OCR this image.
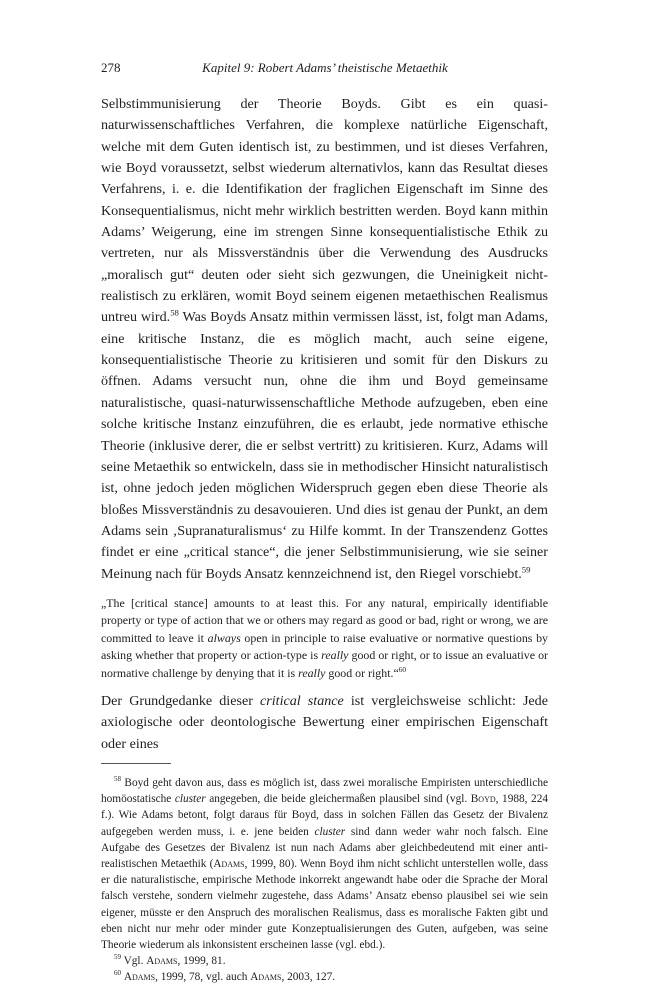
278	Kapitel 9: Robert Adams’ theistische Metaethik

Selbstimmunisierung der Theorie Boyds. Gibt es ein quasi-naturwissenschaftliches Verfahren, die komplexe natürliche Eigenschaft, welche mit dem Guten identisch ist, zu bestimmen, und ist dieses Verfahren, wie Boyd voraussetzt, selbst wiederum alternativlos, kann das Resultat dieses Verfahrens, i. e. die Identifikation der fraglichen Eigenschaft im Sinne des Konsequentialismus, nicht mehr wirklich bestritten werden. Boyd kann mithin Adams’ Weigerung, eine im strengen Sinne konsequentialistische Ethik zu vertreten, nur als Missverständnis über die Verwendung des Ausdrucks „moralisch gut“ deuten oder sieht sich gezwungen, die Uneinigkeit nicht-realistisch zu erklären, womit Boyd seinem eigenen metaethischen Realismus untreu wird.$^{58}$ Was Boyds Ansatz mithin vermissen lässt, ist, folgt man Adams, eine kritische Instanz, die es möglich macht, auch seine eigene, konsequentialistische Theorie zu kritisieren und somit für den Diskurs zu öffnen. Adams versucht nun, ohne die ihm und Boyd gemeinsame naturalistische, quasi-naturwissenschaftliche Methode aufzugeben, eben eine solche kritische Instanz einzuführen, die es erlaubt, jede normative ethische Theorie (inklusive derer, die er selbst vertritt) zu kritisieren. Kurz, Adams will seine Metaethik so entwickeln, dass sie in methodischer Hinsicht naturalistisch ist, ohne jedoch jeden möglichen Widerspruch gegen eben diese Theorie als bloßes Missverständnis zu desavouieren. Und dies ist genau der Punkt, an dem Adams sein ‚Supranaturalismus‘ zu Hilfe kommt. In der Transzendenz Gottes findet er eine „critical stance“, die jener Selbstimmunisierung, wie sie seiner Meinung nach für Boyds Ansatz kennzeichnend ist, den Riegel vorschiebt.$^{59}$

„The [critical stance] amounts to at least this. For any natural, empirically identifiable property or type of action that we or others may regard as good or bad, right or wrong, we are committed to leave it always open in principle to raise evaluative or normative questions by asking whether that property or action-type is really good or right, or to issue an evaluative or normative challenge by denying that it is really good or right.“$^{60}$

Der Grundgedanke dieser critical stance ist vergleichsweise schlicht: Jede axiologische oder deontologische Bewertung einer empirischen Eigenschaft oder eines

$^{58}$ Boyd geht davon aus, dass es möglich ist, dass zwei moralische Empiristen unterschiedliche homöostatische cluster angegeben, die beide gleichermaßen plausibel sind (vgl. Boyd, 1988, 224 f.). Wie Adams betont, folgt daraus für Boyd, dass in solchen Fällen das Gesetz der Bivalenz aufgegeben werden muss, i. e. jene beiden cluster sind dann weder wahr noch falsch. Eine Aufgabe des Gesetzes der Bivalenz ist nun nach Adams aber gleichbedeutend mit einer anti-realistischen Metaethik (Adams, 1999, 80). Wenn Boyd ihm nicht schlicht unterstellen wolle, dass er die naturalistische, empirische Methode inkorrekt angewandt habe oder die Sprache der Moral falsch verstehe, sondern vielmehr zugestehe, dass Adams’ Ansatz ebenso plausibel sei wie sein eigener, müsste er den Anspruch des moralischen Realismus, dass es moralische Fakten gibt und eben nicht nur mehr oder minder gute Konzeptualisierungen des Guten, aufgeben, was seine Theorie wiederum als inkonsistent erscheinen lasse (vgl. ebd.).

$^{59}$ Vgl. Adams, 1999, 81.

$^{60}$ Adams, 1999, 78, vgl. auch Adams, 2003, 127.
